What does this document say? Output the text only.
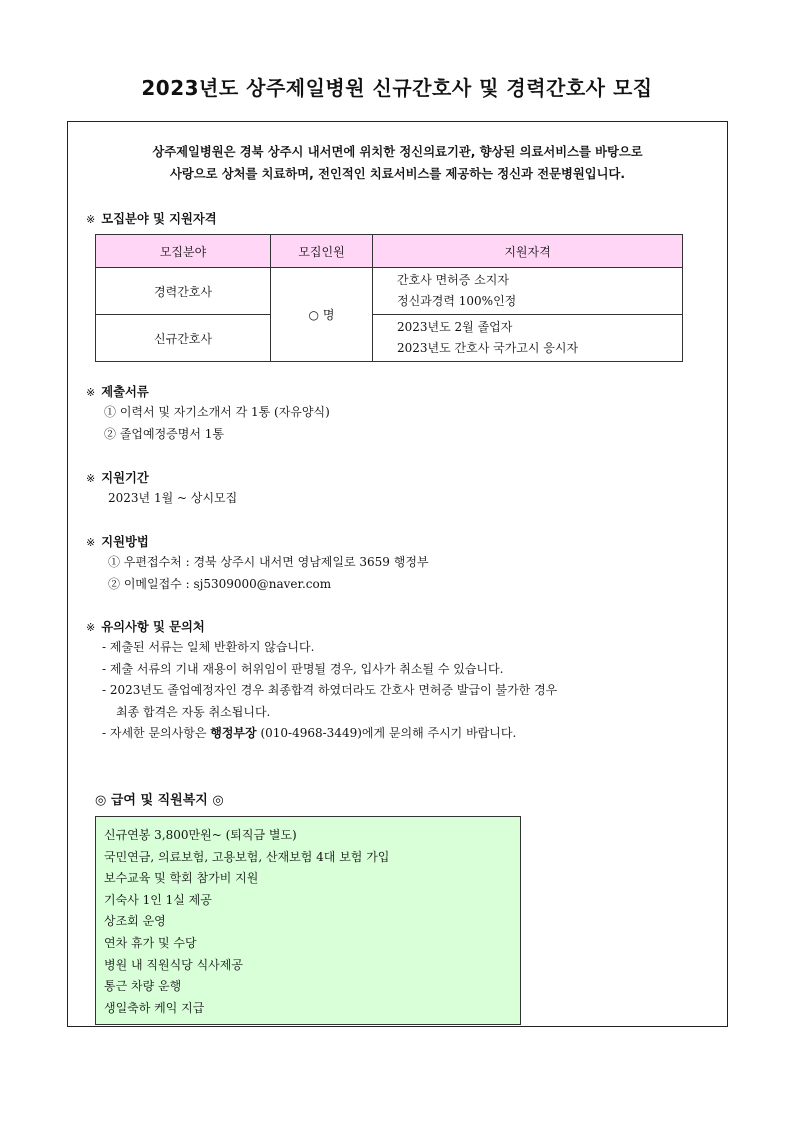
2023년도 상주제일병원 신규간호사 및 경력간호사 모집
상주제일병원은 경북 상주시 내서면에 위치한 정신의료기관, 향상된 의료서비스를 바탕으로
사랑으로 상처를 치료하며, 전인적인 치료서비스를 제공하는 정신과 전문병원입니다.
※ 모집분야 및 지원자격
모집분야	모집인원	지원자격
경력간호사	○ 명	간호사 면허증 소지자
정신과경력 100%인정

신규간호사		2023년도 2월 졸업자
2023년도 간호사 국가고시 응시자
※ 제출서류
① 이력서 및 자기소개서 각 1통 (자유양식)
② 졸업예정증명서 1통
※ 지원기간
2023년 1월 ~ 상시모집
※ 지원방법
① 우편접수처 : 경북 상주시 내서면 영남제일로 3659 행정부
② 이메일접수 : sj5309000@naver.com
※ 유의사항 및 문의처
- 제출된 서류는 일체 반환하지 않습니다.
- 제출 서류의 기내 재용이 허위임이 판명될 경우, 입사가 취소될 수 있습니다.
- 2023년도 졸업예정자인 경우 최종합격 하였더라도 간호사 면허증 발급이 불가한 경우
최종 합격은 자동 취소됩니다.
- 자세한 문의사항은 행정부장 (010-4968-3449)에게 문의해 주시기 바랍니다.
◎ 급여 및 직원복지 ◎
신규연봉 3,800만원~ (퇴직금 별도)
국민연금, 의료보험, 고용보험, 산재보험 4대 보험 가입
보수교육 및 학회 참가비 지원
기숙사 1인 1실 제공
상조회 운영
연차 휴가 및 수당
병원 내 직원식당 식사제공
통근 차량 운행
생일축하 케익 지급
